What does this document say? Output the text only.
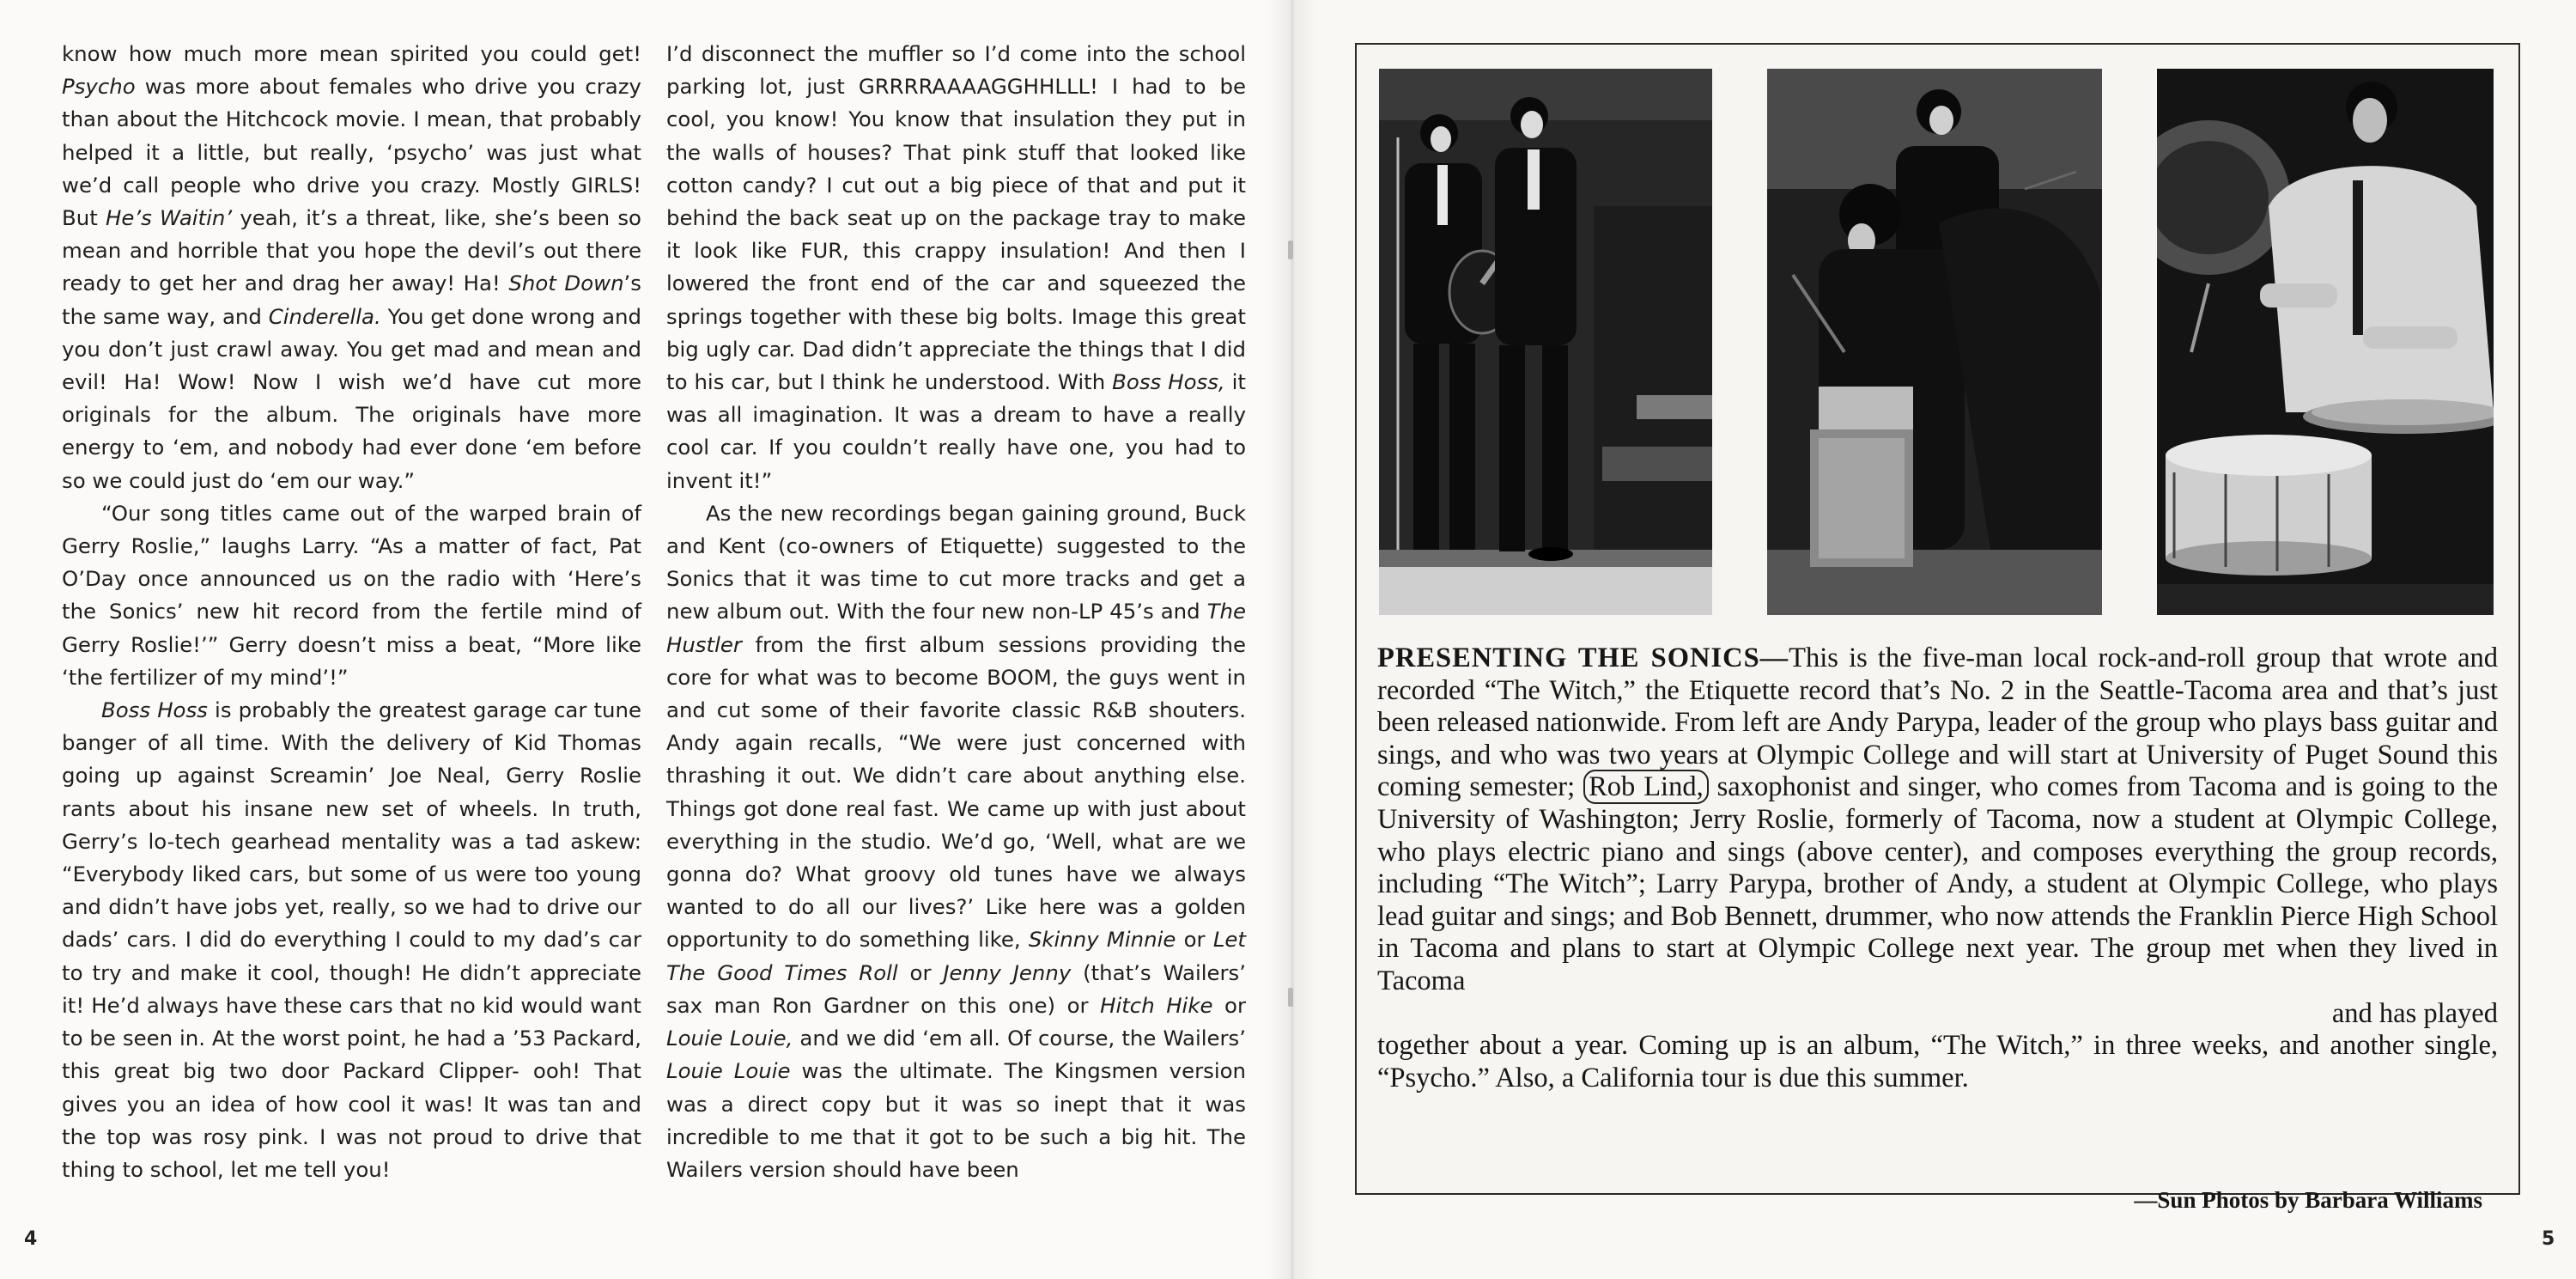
know how much more mean spirited you could get! Psycho was more about females who drive you crazy than about the Hitchcock movie. I mean, that probably helped it a little, but really, ‘psycho’ was just what we’d call people who drive you crazy. Mostly GIRLS! But He’s Waitin’ yeah, it’s a threat, like, she’s been so mean and horrible that you hope the devil’s out there ready to get her and drag her away! Ha! Shot Down’s the same way, and Cinderella. You get done wrong and you don’t just crawl away. You get mad and mean and evil! Ha! Wow! Now I wish we’d have cut more originals for the album. The originals have more energy to ‘em, and nobody had ever done ‘em before so we could just do ‘em our way.”

“Our song titles came out of the warped brain of Gerry Roslie,” laughs Larry. “As a matter of fact, Pat O’Day once announced us on the radio with ‘Here’s the Sonics’ new hit record from the fertile mind of Gerry Roslie!’” Gerry doesn’t miss a beat, “More like ‘the fertilizer of my mind’!”

Boss Hoss is probably the greatest garage car tune banger of all time. With the delivery of Kid Thomas going up against Screamin’ Joe Neal, Gerry Roslie rants about his insane new set of wheels. In truth, Gerry’s lo-tech gearhead mentality was a tad askew: “Everybody liked cars, but some of us were too young and didn’t have jobs yet, really, so we had to drive our dads’ cars. I did do everything I could to my dad’s car to try and make it cool, though! He didn’t appreciate it! He’d always have these cars that no kid would want to be seen in. At the worst point, he had a ’53 Packard, this great big two door Packard Clipper- ooh! That gives you an idea of how cool it was! It was tan and the top was rosy pink. I was not proud to drive that thing to school, let me tell you!

I’d disconnect the muffler so I’d come into the school parking lot, just GRRRRAAAAGGHHLLL! I had to be cool, you know! You know that insulation they put in the walls of houses? That pink stuff that looked like cotton candy? I cut out a big piece of that and put it behind the back seat up on the package tray to make it look like FUR, this crappy insulation! And then I lowered the front end of the car and squeezed the springs together with these big bolts. Image this great big ugly car. Dad didn’t appreciate the things that I did to his car, but I think he understood. With Boss Hoss, it was all imagination. It was a dream to have a really cool car. If you couldn’t really have one, you had to invent it!”

As the new recordings began gaining ground, Buck and Kent (co-owners of Etiquette) suggested to the Sonics that it was time to cut more tracks and get a new album out. With the four new non-LP 45’s and The Hustler from the first album sessions providing the core for what was to become BOOM, the guys went in and cut some of their favorite classic R&B shouters. Andy again recalls, “We were just concerned with thrashing it out. We didn’t care about anything else. Things got done real fast. We came up with just about everything in the studio. We’d go, ‘Well, what are we gonna do? What groovy old tunes have we always wanted to do all our lives?’ Like here was a golden opportunity to do something like, Skinny Minnie or Let The Good Times Roll or Jenny Jenny (that’s Wailers’ sax man Ron Gardner on this one) or Hitch Hike or Louie Louie, and we did ‘em all. Of course, the Wailers’ Louie Louie was the ultimate. The Kingsmen version was a direct copy but it was so inept that it was incredible to me that it got to be such a big hit. The Wailers version should have been

4	5

PRESENTING THE SONICS—This is the five-man local rock-and-roll group that wrote and recorded “The Witch,” the Etiquette record that’s No. 2 in the Seattle-Tacoma area and that’s just been released nationwide. From left are Andy Parypa, leader of the group who plays bass guitar and sings, and who was two years at Olympic College and will start at University of Puget Sound this coming semester; Rob Lind, saxophonist and singer, who comes from Tacoma and is going to the University of Washington; Jerry Roslie, formerly of Tacoma, now a student at Olympic College, who plays electric piano and sings (above center), and composes everything the group records, including “The Witch”; Larry Parypa, brother of Andy, a student at Olympic College, who plays lead guitar and sings; and Bob Bennett, drummer, who now attends the Franklin Pierce High School in Tacoma and plans to start at Olympic College next year. The group met when they lived in Tacoma

and has played

together about a year. Coming up is an album, “The Witch,” in three weeks, and another single, “Psycho.” Also, a California tour is due this summer.

—Sun Photos by Barbara Williams
